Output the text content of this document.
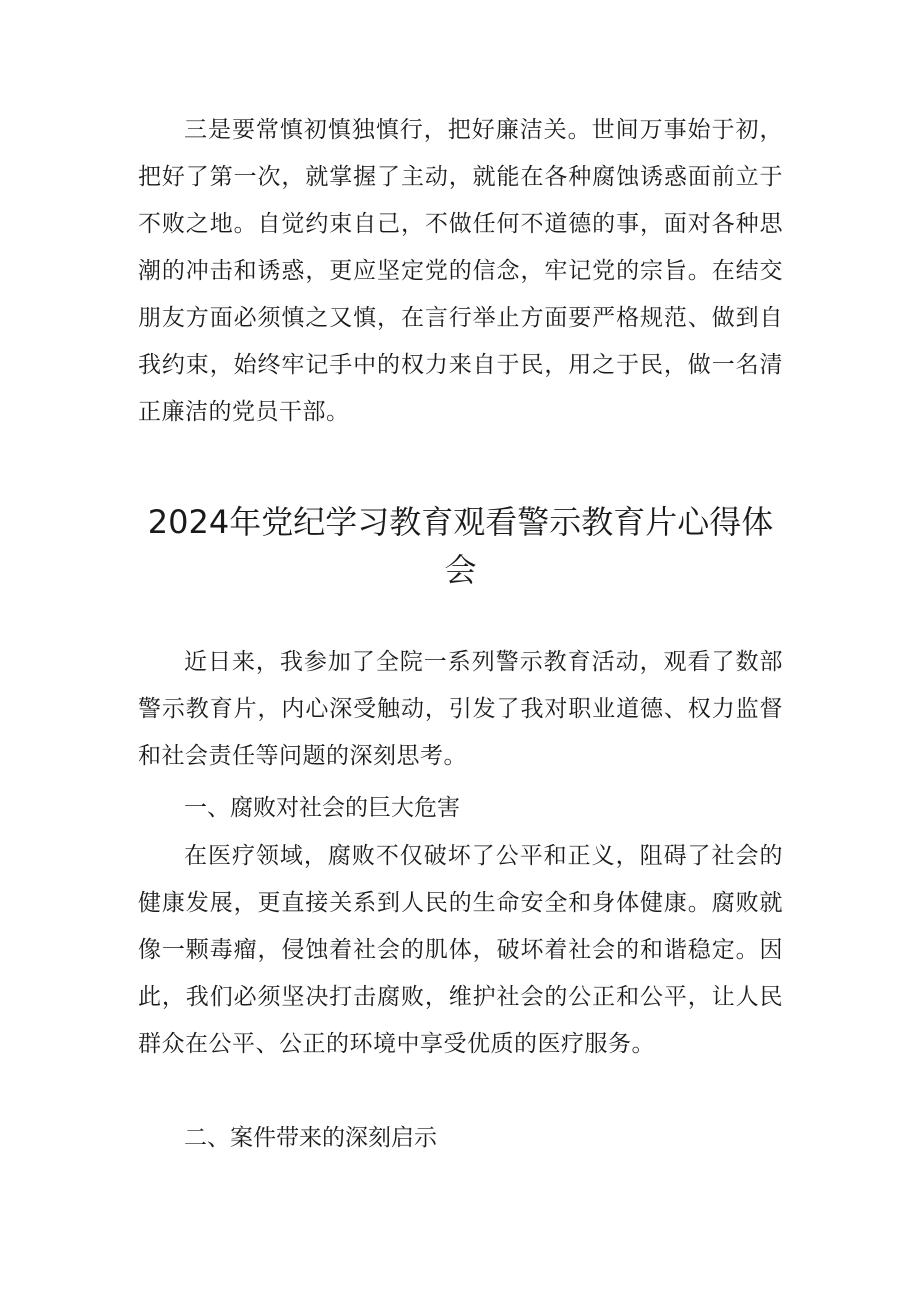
三是要常慎初慎独慎行，把好廉洁关。世间万事始于初，把好了第一次，就掌握了主动，就能在各种腐蚀诱惑面前立于不败之地。自觉约束自己，不做任何不道德的事，面对各种思潮的冲击和诱惑，更应坚定党的信念，牢记党的宗旨。在结交朋友方面必须慎之又慎，在言行举止方面要严格规范、做到自我约束，始终牢记手中的权力来自于民，用之于民，做一名清正廉洁的党员干部。

2024年党纪学习教育观看警示教育片心得体会

近日来，我参加了全院一系列警示教育活动，观看了数部警示教育片，内心深受触动，引发了我对职业道德、权力监督和社会责任等问题的深刻思考。

一、腐败对社会的巨大危害

在医疗领域，腐败不仅破坏了公平和正义，阻碍了社会的健康发展，更直接关系到人民的生命安全和身体健康。腐败就像一颗毒瘤，侵蚀着社会的肌体，破坏着社会的和谐稳定。因此，我们必须坚决打击腐败，维护社会的公正和公平，让人民群众在公平、公正的环境中享受优质的医疗服务。

二、案件带来的深刻启示
